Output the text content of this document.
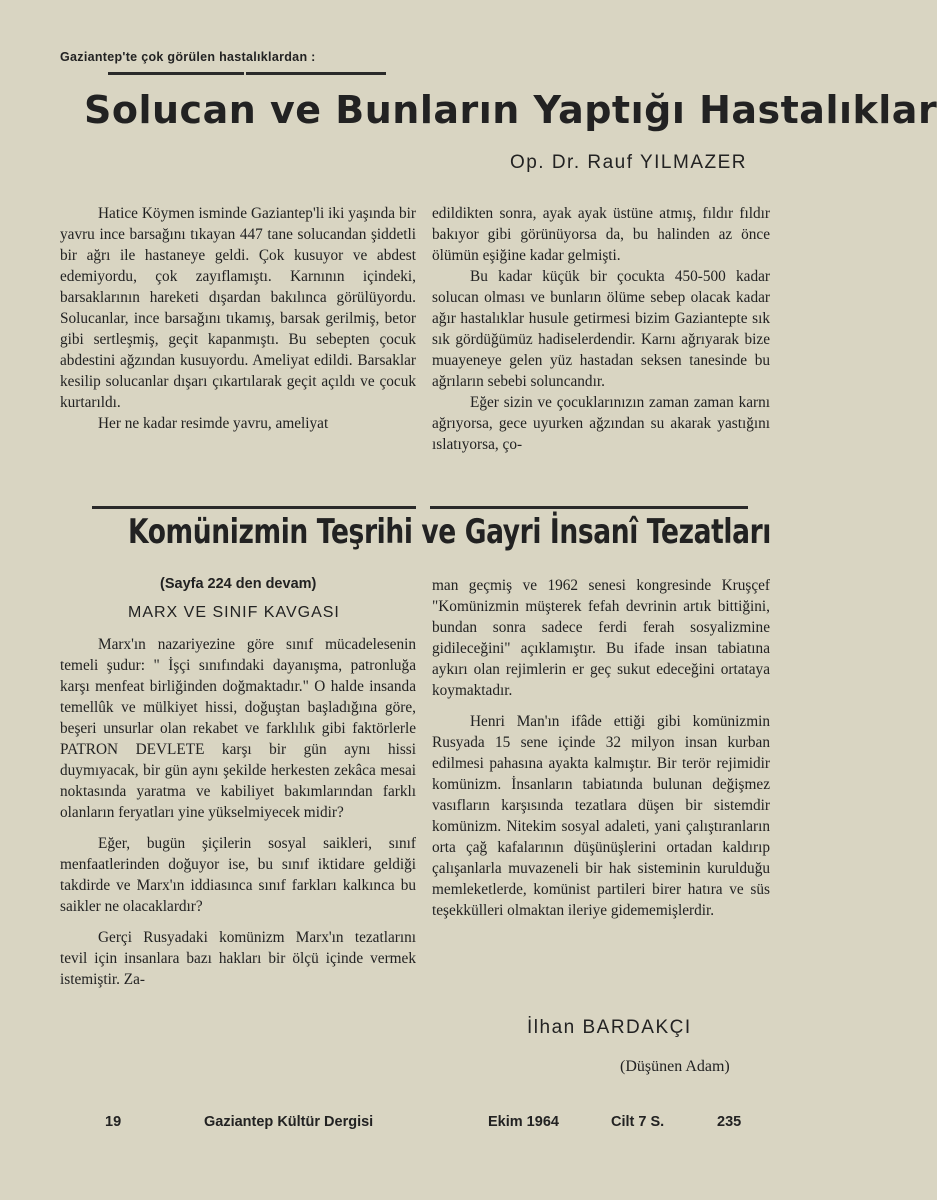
Gaziantep'te çok görülen hastalıklardan :
Solucan ve Bunların Yaptığı Hastalıklar
Op. Dr. Rauf YILMAZER

Hatice Köymen isminde Gaziantep'li iki yaşında bir yavru ince barsağını tıkayan 447 tane solucandan şiddetli bir ağrı ile hastaneye geldi. Çok kusuyor ve abdest edemiyordu, çok zayıflamıştı. Karnının içindeki, barsaklarının hareketi dışardan bakılınca görülüyordu. Solucanlar, ince barsağını tıkamış, barsak gerilmiş, betor gibi sertleşmiş, geçit kapanmıştı. Bu sebepten çocuk abdestini ağzından kusuyordu. Ameliyat edildi. Barsaklar kesilip solucanlar dışarı çıkartılarak geçit açıldı ve çocuk kurtarıldı.

Her ne kadar resimde yavru, ameliyat

edildikten sonra, ayak ayak üstüne atmış, fıldır fıldır bakıyor gibi görünüyorsa da, bu halinden az önce ölümün eşiğine kadar gelmişti.

Bu kadar küçük bir çocukta 450-500 kadar solucan olması ve bunların ölüme sebep olacak kadar ağır hastalıklar husule getirmesi bizim Gaziantepte sık sık gördüğümüz hadiselerdendir. Karnı ağrıyarak bize muayeneye gelen yüz hastadan seksen tanesinde bu ağrıların sebebi soluncandır.

Eğer sizin ve çocuklarınızın zaman zaman karnı ağrıyorsa, gece uyurken ağzından su akarak yastığını ıslatıyorsa, ço-

Komünizmin Teşrihi ve Gayri İnsanî Tezatları
(Sayfa 224 den devam)
MARX VE SINIF KAVGASI

Marx'ın nazariyezine göre sınıf mücadelesenin temeli şudur: " İşçi sınıfındaki dayanışma, patronluğa karşı menfeat birliğinden doğmaktadır." O halde insanda temellûk ve mülkiyet hissi, doğuştan başladığına göre, beşeri unsurlar olan rekabet ve farklılık gibi faktörlerle PATRON DEVLETE karşı bir gün aynı hissi duymıyacak, bir gün aynı şekilde herkesten zekâca mesai noktasında yaratma ve kabiliyet bakımlarından farklı olanların feryatları yine yükselmiyecek midir?

Eğer, bugün şiçilerin sosyal saikleri, sınıf menfaatlerinden doğuyor ise, bu sınıf iktidare geldiği takdirde ve Marx'ın iddiasınca sınıf farkları kalkınca bu saikler ne olacaklardır?

Gerçi Rusyadaki komünizm Marx'ın tezatlarını tevil için insanlara bazı hakları bir ölçü içinde vermek istemiştir. Za-

man geçmiş ve 1962 senesi kongresinde Kruşçef "Komünizmin müşterek fefah devrinin artık bittiğini, bundan sonra sadece ferdi ferah sosyalizmine gidileceğini" açıklamıştır. Bu ifade insan tabiatına aykırı olan rejimlerin er geç sukut edeceğini ortataya koymaktadır.

Henri Man'ın ifâde ettiği gibi komünizmin Rusyada 15 sene içinde 32 milyon insan kurban edilmesi pahasına ayakta kalmıştır. Bir terör rejimidir komünizm. İnsanların tabiatında bulunan değişmez vasıfların karşısında tezatlara düşen bir sistemdir komünizm. Nitekim sosyal adaleti, yani çalıştıranların orta çağ kafalarının düşünüşlerini ortadan kaldırıp çalışanlarla muvazeneli bir hak sisteminin kurulduğu memleketlerde, komünist partileri birer hatıra ve süs teşekkülleri olmaktan ileriye gidememişlerdir.

İlhan BARDAKÇI
(Düşünen Adam)
19	Gaziantep Kültür Dergisi	Ekim 1964	Cilt 7 S.	235
